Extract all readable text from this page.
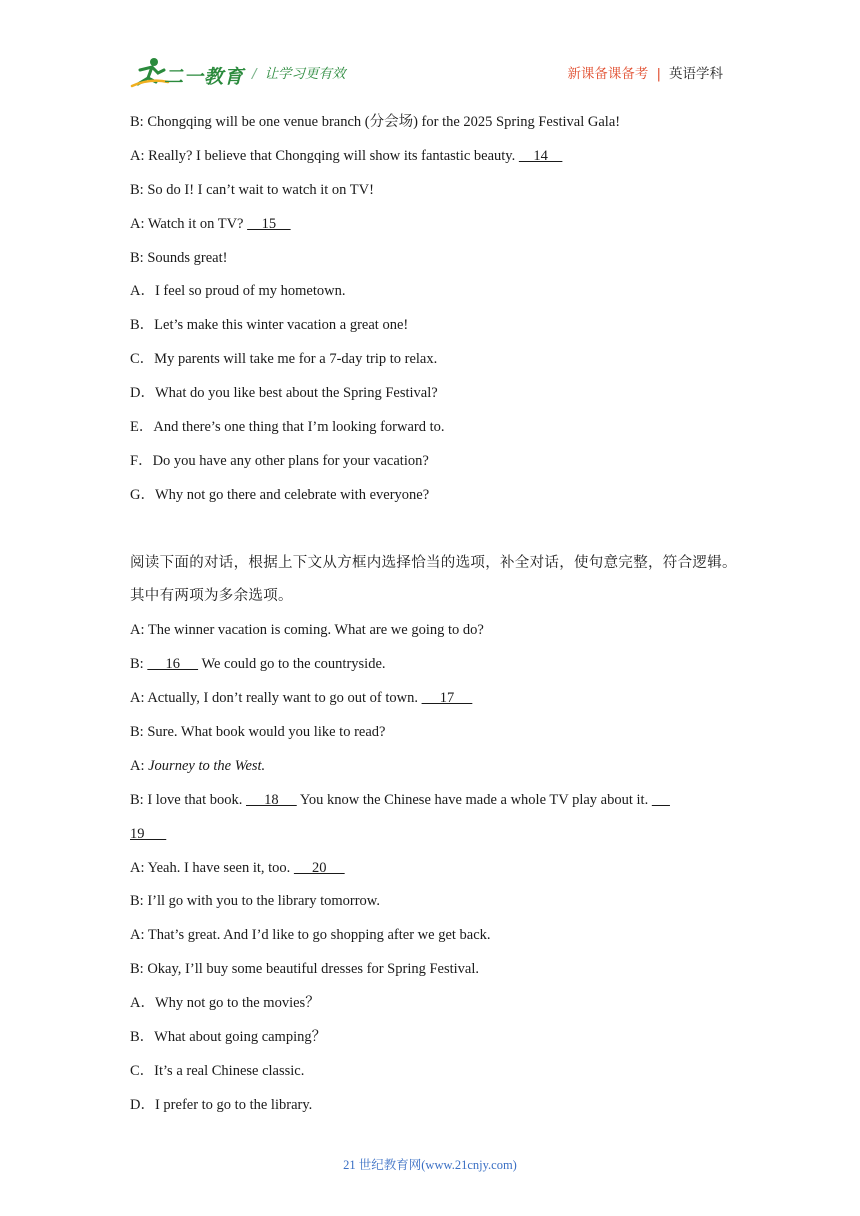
二一教育 / 让学习更有效	新课备课备考 | 英语学科
B: Chongqing will be one venue branch (分会场) for the 2025 Spring Festival Gala!
A: Really? I believe that Chongqing will show its fantastic beauty.     14
B: So do I! I can’t wait to watch it on TV!
A: Watch it on TV?     15
B: Sounds great!
A．I feel so proud of my hometown.
B．Let’s make this winter vacation a great one!
C．My parents will take me for a 7-day trip to relax.
D．What do you like best about the Spring Festival?
E．And there’s one thing that I’m looking forward to.
F．Do you have any other plans for your vacation?
G．Why not go there and celebrate with everyone?
阅读下面的对话，根据上下文从方框内选择恰当的选项，补全对话，使句意完整，符合逻辑。
其中有两项为多余选项。
A: The winner vacation is coming. What are we going to do?
B:      16      We could go to the countryside.
A: Actually, I don’t really want to go out of town.      17
B: Sure. What book would you like to read?
A: Journey to the West.
B: I love that book.      18      You know the Chinese have made a whole TV play about it.
19
A: Yeah. I have seen it, too.      20
B: I’ll go with you to the library tomorrow.
A: That’s great. And I’d like to go shopping after we get back.
B: Okay, I’ll buy some beautiful dresses for Spring Festival.
A．Why not go to the movies？
B．What about going camping？
C．It’s a real Chinese classic.
D．I prefer to go to the library.
21 世纪教育网(www.21cnjy.com)
